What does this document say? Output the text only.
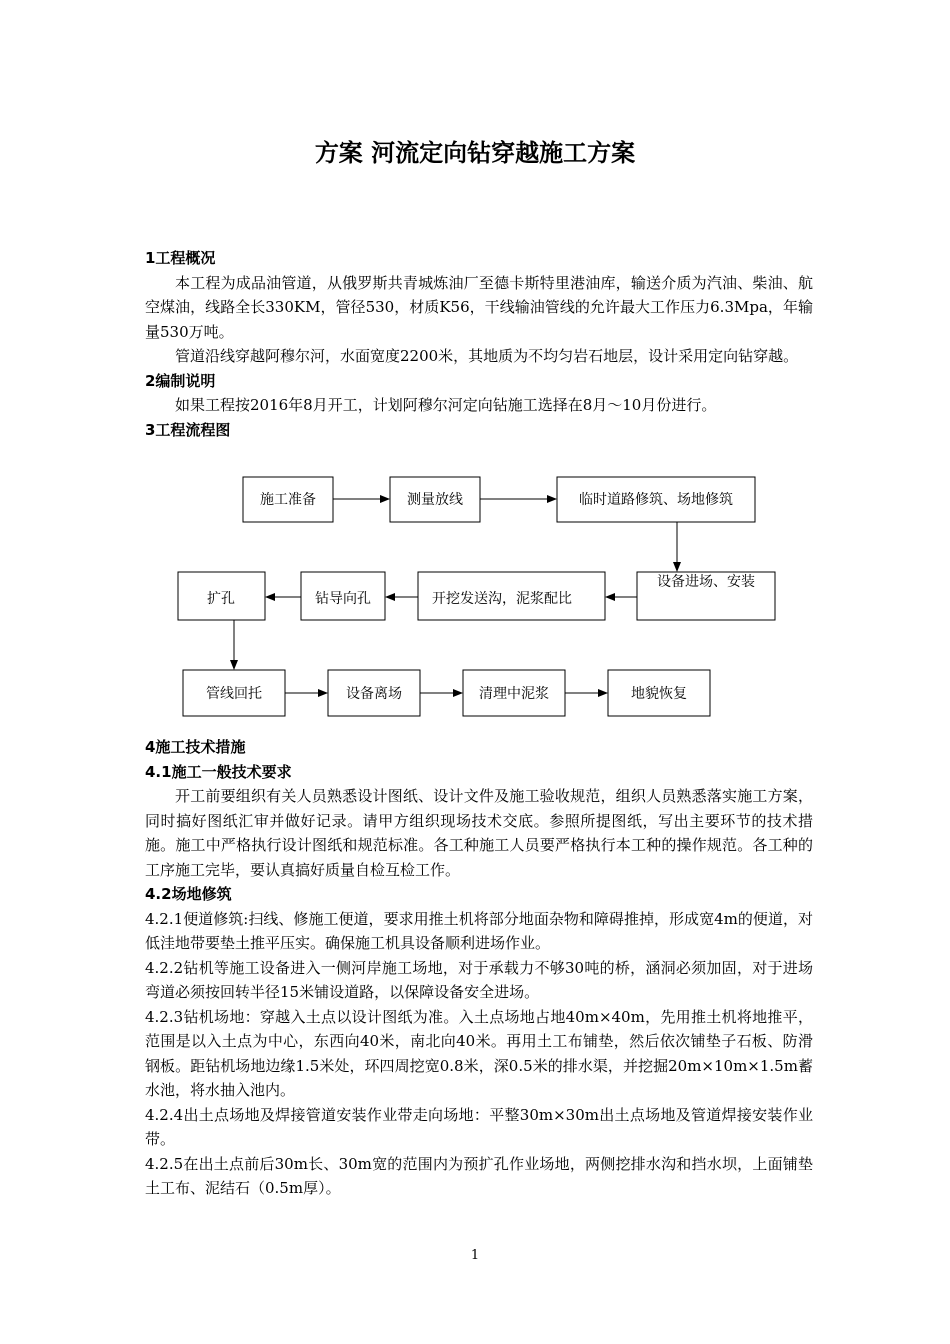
方案 河流定向钻穿越施工方案

1工程概况

本工程为成品油管道，从俄罗斯共青城炼油厂至德卡斯特里港油库，输送介质为汽油、柴油、航空煤油，线路全长330KM，管径530，材质K56，干线输油管线的允许最大工作压力6.3Mpa，年输量530万吨。

管道沿线穿越阿穆尔河，水面宽度2200米，其地质为不均匀岩石地层，设计采用定向钻穿越。

2编制说明

如果工程按2016年8月开工，计划阿穆尔河定向钻施工选择在8月～10月份进行。

3工程流程图

施工准备	测量放线	临时道路修筑、场地修筑
设备进场、安装
开挖发送沟，泥浆配比
钻导向孔
扩孔
管线回托	设备离场	清理中泥浆	地貌恢复

4施工技术措施

4.1施工一般技术要求

开工前要组织有关人员熟悉设计图纸、设计文件及施工验收规范，组织人员熟悉落实施工方案，同时搞好图纸汇审并做好记录。请甲方组织现场技术交底。参照所提图纸，写出主要环节的技术措施。施工中严格执行设计图纸和规范标准。各工种施工人员要严格执行本工种的操作规范。各工种的工序施工完毕，要认真搞好质量自检互检工作。

4.2场地修筑

4.2.1便道修筑:扫线、修施工便道，要求用推土机将部分地面杂物和障碍推掉，形成宽4m的便道，对低洼地带要垫土推平压实。确保施工机具设备顺利进场作业。

4.2.2钻机等施工设备进入一侧河岸施工场地，对于承载力不够30吨的桥，涵洞必须加固，对于进场弯道必须按回转半径15米铺设道路，以保障设备安全进场。

4.2.3钻机场地：穿越入土点以设计图纸为准。入土点场地占地40m×40m，先用推土机将地推平，范围是以入土点为中心，东西向40米，南北向40米。再用土工布铺垫，然后依次铺垫子石板、防滑钢板。距钻机场地边缘1.5米处，环四周挖宽0.8米，深0.5米的排水渠，并挖掘20m×10m×1.5m蓄水池，将水抽入池内。

4.2.4出土点场地及焊接管道安装作业带走向场地：平整30m×30m出土点场地及管道焊接安装作业带。

4.2.5在出土点前后30m长、30m宽的范围内为预扩孔作业场地，两侧挖排水沟和挡水坝，上面铺垫土工布、泥结石（0.5m厚）。

1
